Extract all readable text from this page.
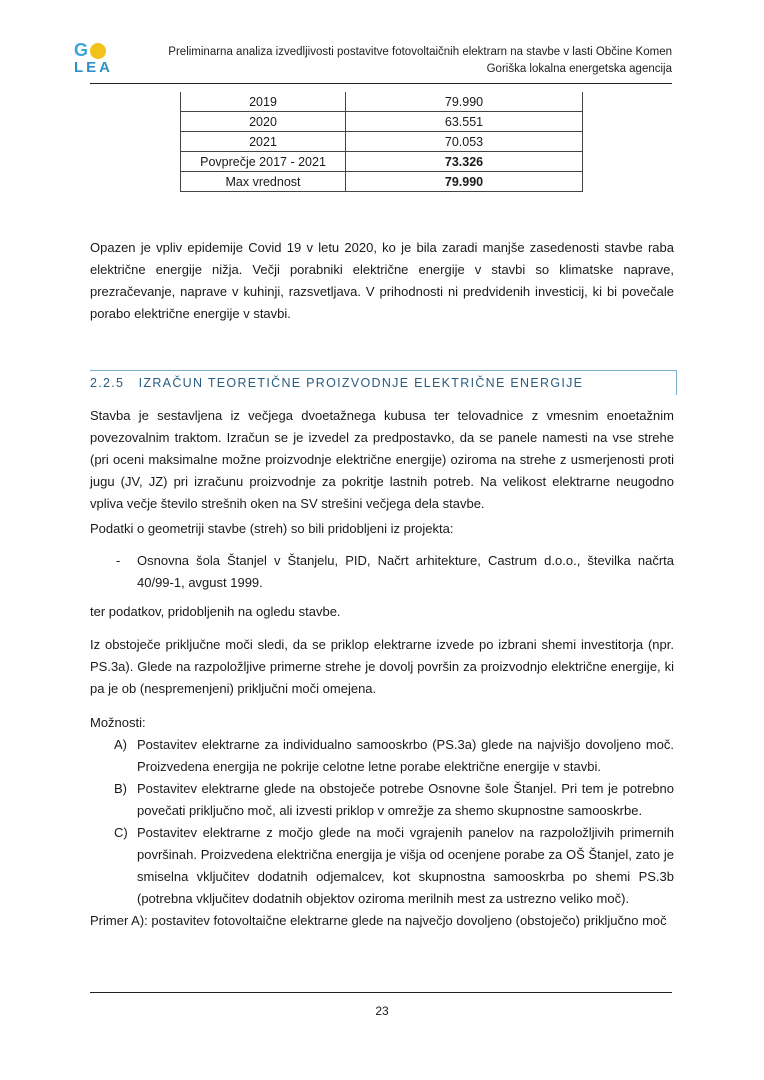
G
LEA
Preliminarna analiza izvedljivosti postavitve fotovoltaičnih elektrarn na stavbe v lasti Občine Komen
Goriška lokalna energetska agencija
2019	79.990
2020	63.551
2021	70.053
Povprečje 2017 - 2021	73.326
Max vrednost	79.990
Opazen je vpliv epidemije Covid 19 v letu 2020, ko je bila zaradi manjše zasedenosti stavbe raba električne energije nižja. Večji porabniki električne energije v stavbi so klimatske naprave, prezračevanje, naprave v kuhinji, razsvetljava. V prihodnosti ni predvidenih investicij, ki bi povečale porabo električne energije v stavbi.
2.2.5 IZRAČUN TEORETIČNE PROIZVODNJE ELEKTRIČNE ENERGIJE
Stavba je sestavljena iz večjega dvoetažnega kubusa ter telovadnice z vmesnim enoetažnim povezovalnim traktom. Izračun se je izvedel za predpostavko, da se panele namesti na vse strehe (pri oceni maksimalne možne proizvodnje električne energije) oziroma na strehe z usmerjenosti proti jugu (JV, JZ) pri izračunu proizvodnje za pokritje lastnih potreb. Na velikost elektrarne neugodno vpliva večje število strešnih oken na SV strešini večjega dela stavbe.
Podatki o geometriji stavbe (streh) so bili pridobljeni iz projekta:
- Osnovna šola Štanjel v Štanjelu, PID, Načrt arhitekture, Castrum d.o.o., številka načrta 40/99-1, avgust 1999.
ter podatkov, pridobljenih na ogledu stavbe.
Iz obstoječe priključne moči sledi, da se priklop elektrarne izvede po izbrani shemi investitorja (npr. PS.3a). Glede na razpoložljive primerne strehe je dovolj površin za proizvodnjo električne energije, ki pa je ob (nespremenjeni) priključni moči omejena.
Možnosti:
A) Postavitev elektrarne za individualno samooskrbo (PS.3a) glede na najvišjo dovoljeno moč. Proizvedena energija ne pokrije celotne letne porabe električne energije v stavbi.
B) Postavitev elektrarne glede na obstoječe potrebe Osnovne šole Štanjel. Pri tem je potrebno povečati priključno moč, ali izvesti priklop v omrežje za shemo skupnostne samooskrbe.
C) Postavitev elektrarne z močjo glede na moči vgrajenih panelov na razpoložljivih primernih površinah. Proizvedena električna energija je višja od ocenjene porabe za OŠ Štanjel, zato je smiselna vključitev dodatnih odjemalcev, kot skupnostna samooskrba po shemi PS.3b (potrebna vključitev dodatnih objektov oziroma merilnih mest za ustrezno veliko moč).
Primer A): postavitev fotovoltaične elektrarne glede na največjo dovoljeno (obstoječo) priključno moč
23
